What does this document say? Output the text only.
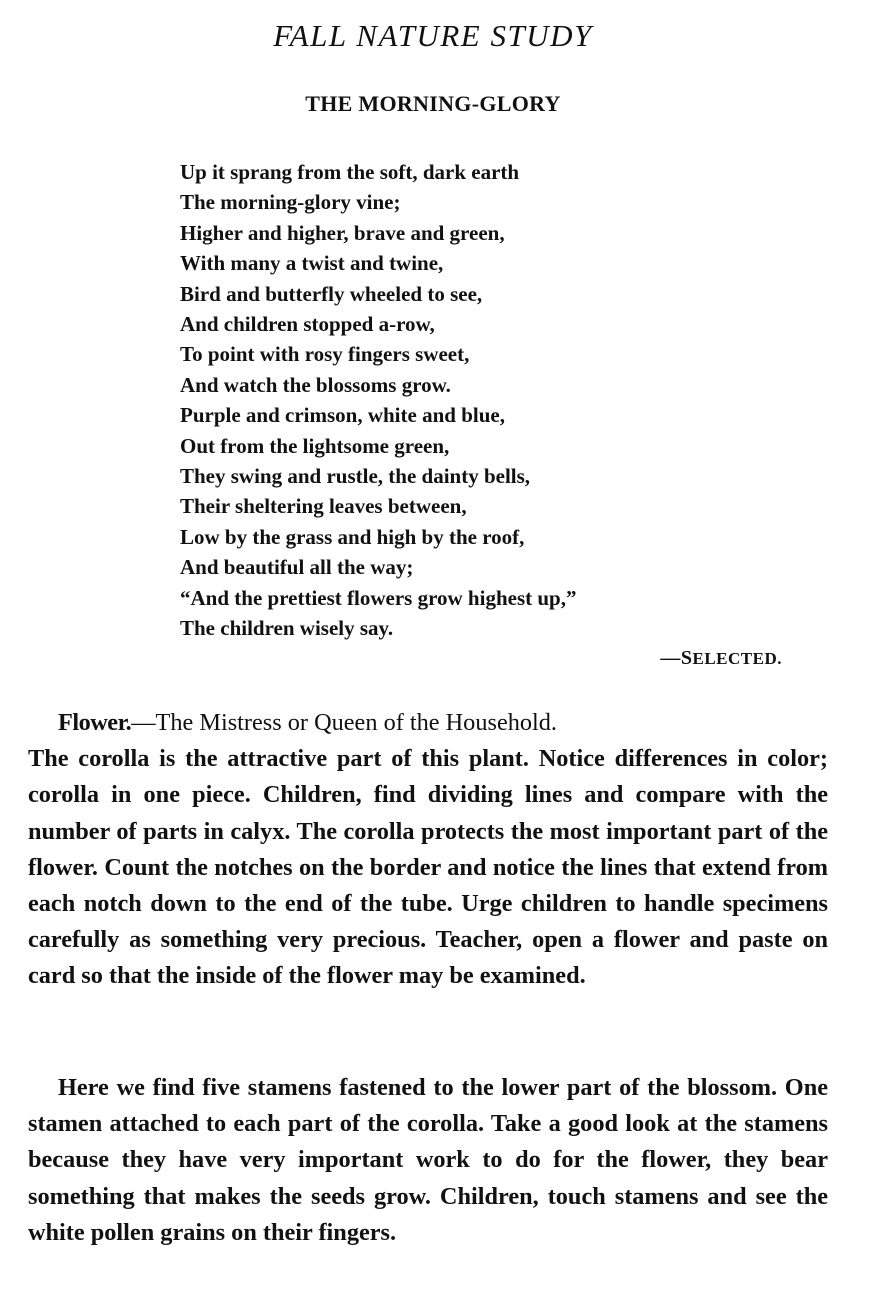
FALL NATURE STUDY
THE MORNING-GLORY
Up it sprang from the soft, dark earth
The morning-glory vine;
Higher and higher, brave and green,
With many a twist and twine,
Bird and butterfly wheeled to see,
And children stopped a-row,
To point with rosy fingers sweet,
And watch the blossoms grow.
Purple and crimson, white and blue,
Out from the lightsome green,
They swing and rustle, the dainty bells,
Their sheltering leaves between,
Low by the grass and high by the roof,
And beautiful all the way;
“And the prettiest flowers grow highest up,”
The children wisely say.

—SELECTED.

Flower.—The Mistress or Queen of the Household.
The corolla is the attractive part of this plant. Notice differences in color; corolla in one piece. Children, find dividing lines and compare with the number of parts in calyx. The corolla protects the most important part of the flower. Count the notches on the border and notice the lines that extend from each notch down to the end of the tube. Urge children to handle specimens carefully as something very precious. Teacher, open a flower and paste on card so that the inside of the flower may be examined.

Here we find five stamens fastened to the lower part of the blossom. One stamen attached to each part of the corolla. Take a good look at the stamens because they have very important work to do for the flower, they bear something that makes the seeds grow. Children, touch stamens and see the white pollen grains on their fingers.
